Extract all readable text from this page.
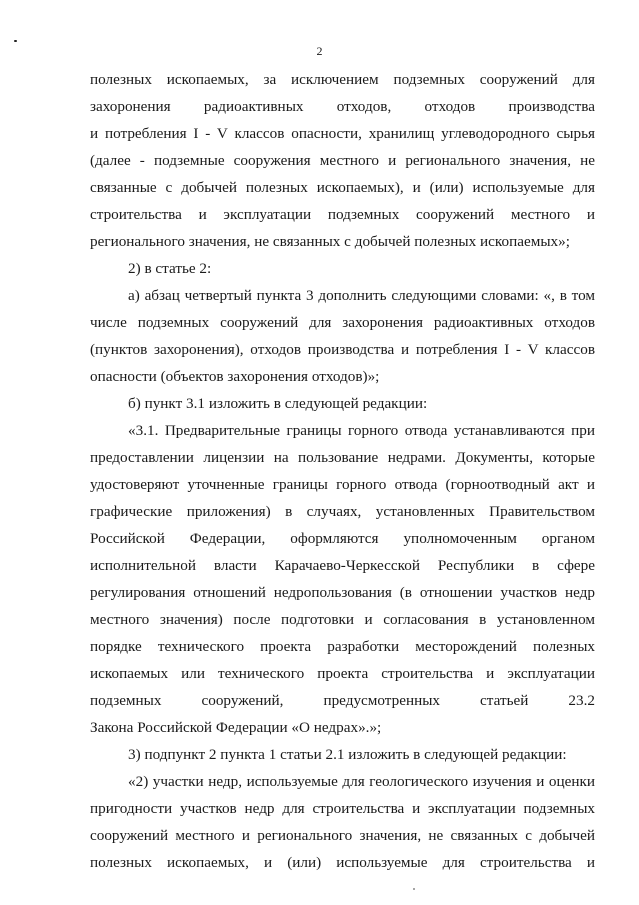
2
полезных ископаемых, за исключением подземных сооружений для
захоронения радиоактивных отходов, отходов производства
и потребления I - V классов опасности, хранилищ углеводородного сырья
(далее - подземные сооружения местного и регионального значения, не
связанные с добычей полезных ископаемых), и (или) используемые для
строительства и эксплуатации подземных сооружений местного и
регионального значения, не связанных с добычей полезных ископаемых»;
2) в статье 2:
а) абзац четвертый пункта 3 дополнить следующими словами: «, в том
числе подземных сооружений для захоронения радиоактивных отходов
(пунктов захоронения), отходов производства и потребления I - V классов
опасности (объектов захоронения отходов)»;
б) пункт 3.1 изложить в следующей редакции:
«3.1. Предварительные границы горного отвода устанавливаются при
предоставлении лицензии на пользование недрами. Документы, которые
удостоверяют уточненные границы горного отвода (горноотводный акт и
графические приложения) в случаях, установленных Правительством
Российской Федерации, оформляются уполномоченным органом
исполнительной власти Карачаево-Черкесской Республики в сфере
регулирования отношений недропользования (в отношении участков недр
местного значения) после подготовки и согласования в установленном
порядке технического проекта разработки месторождений полезных
ископаемых или технического проекта строительства и эксплуатации
подземных сооружений, предусмотренных статьей 23.2
Закона Российской Федерации «О недрах».»;
3) подпункт 2 пункта 1 статьи 2.1 изложить в следующей редакции:
«2) участки недр, используемые для геологического изучения и оценки
пригодности участков недр для строительства и эксплуатации подземных
сооружений местного и регионального значения, не связанных с добычей
полезных ископаемых, и (или) используемые для строительства и
